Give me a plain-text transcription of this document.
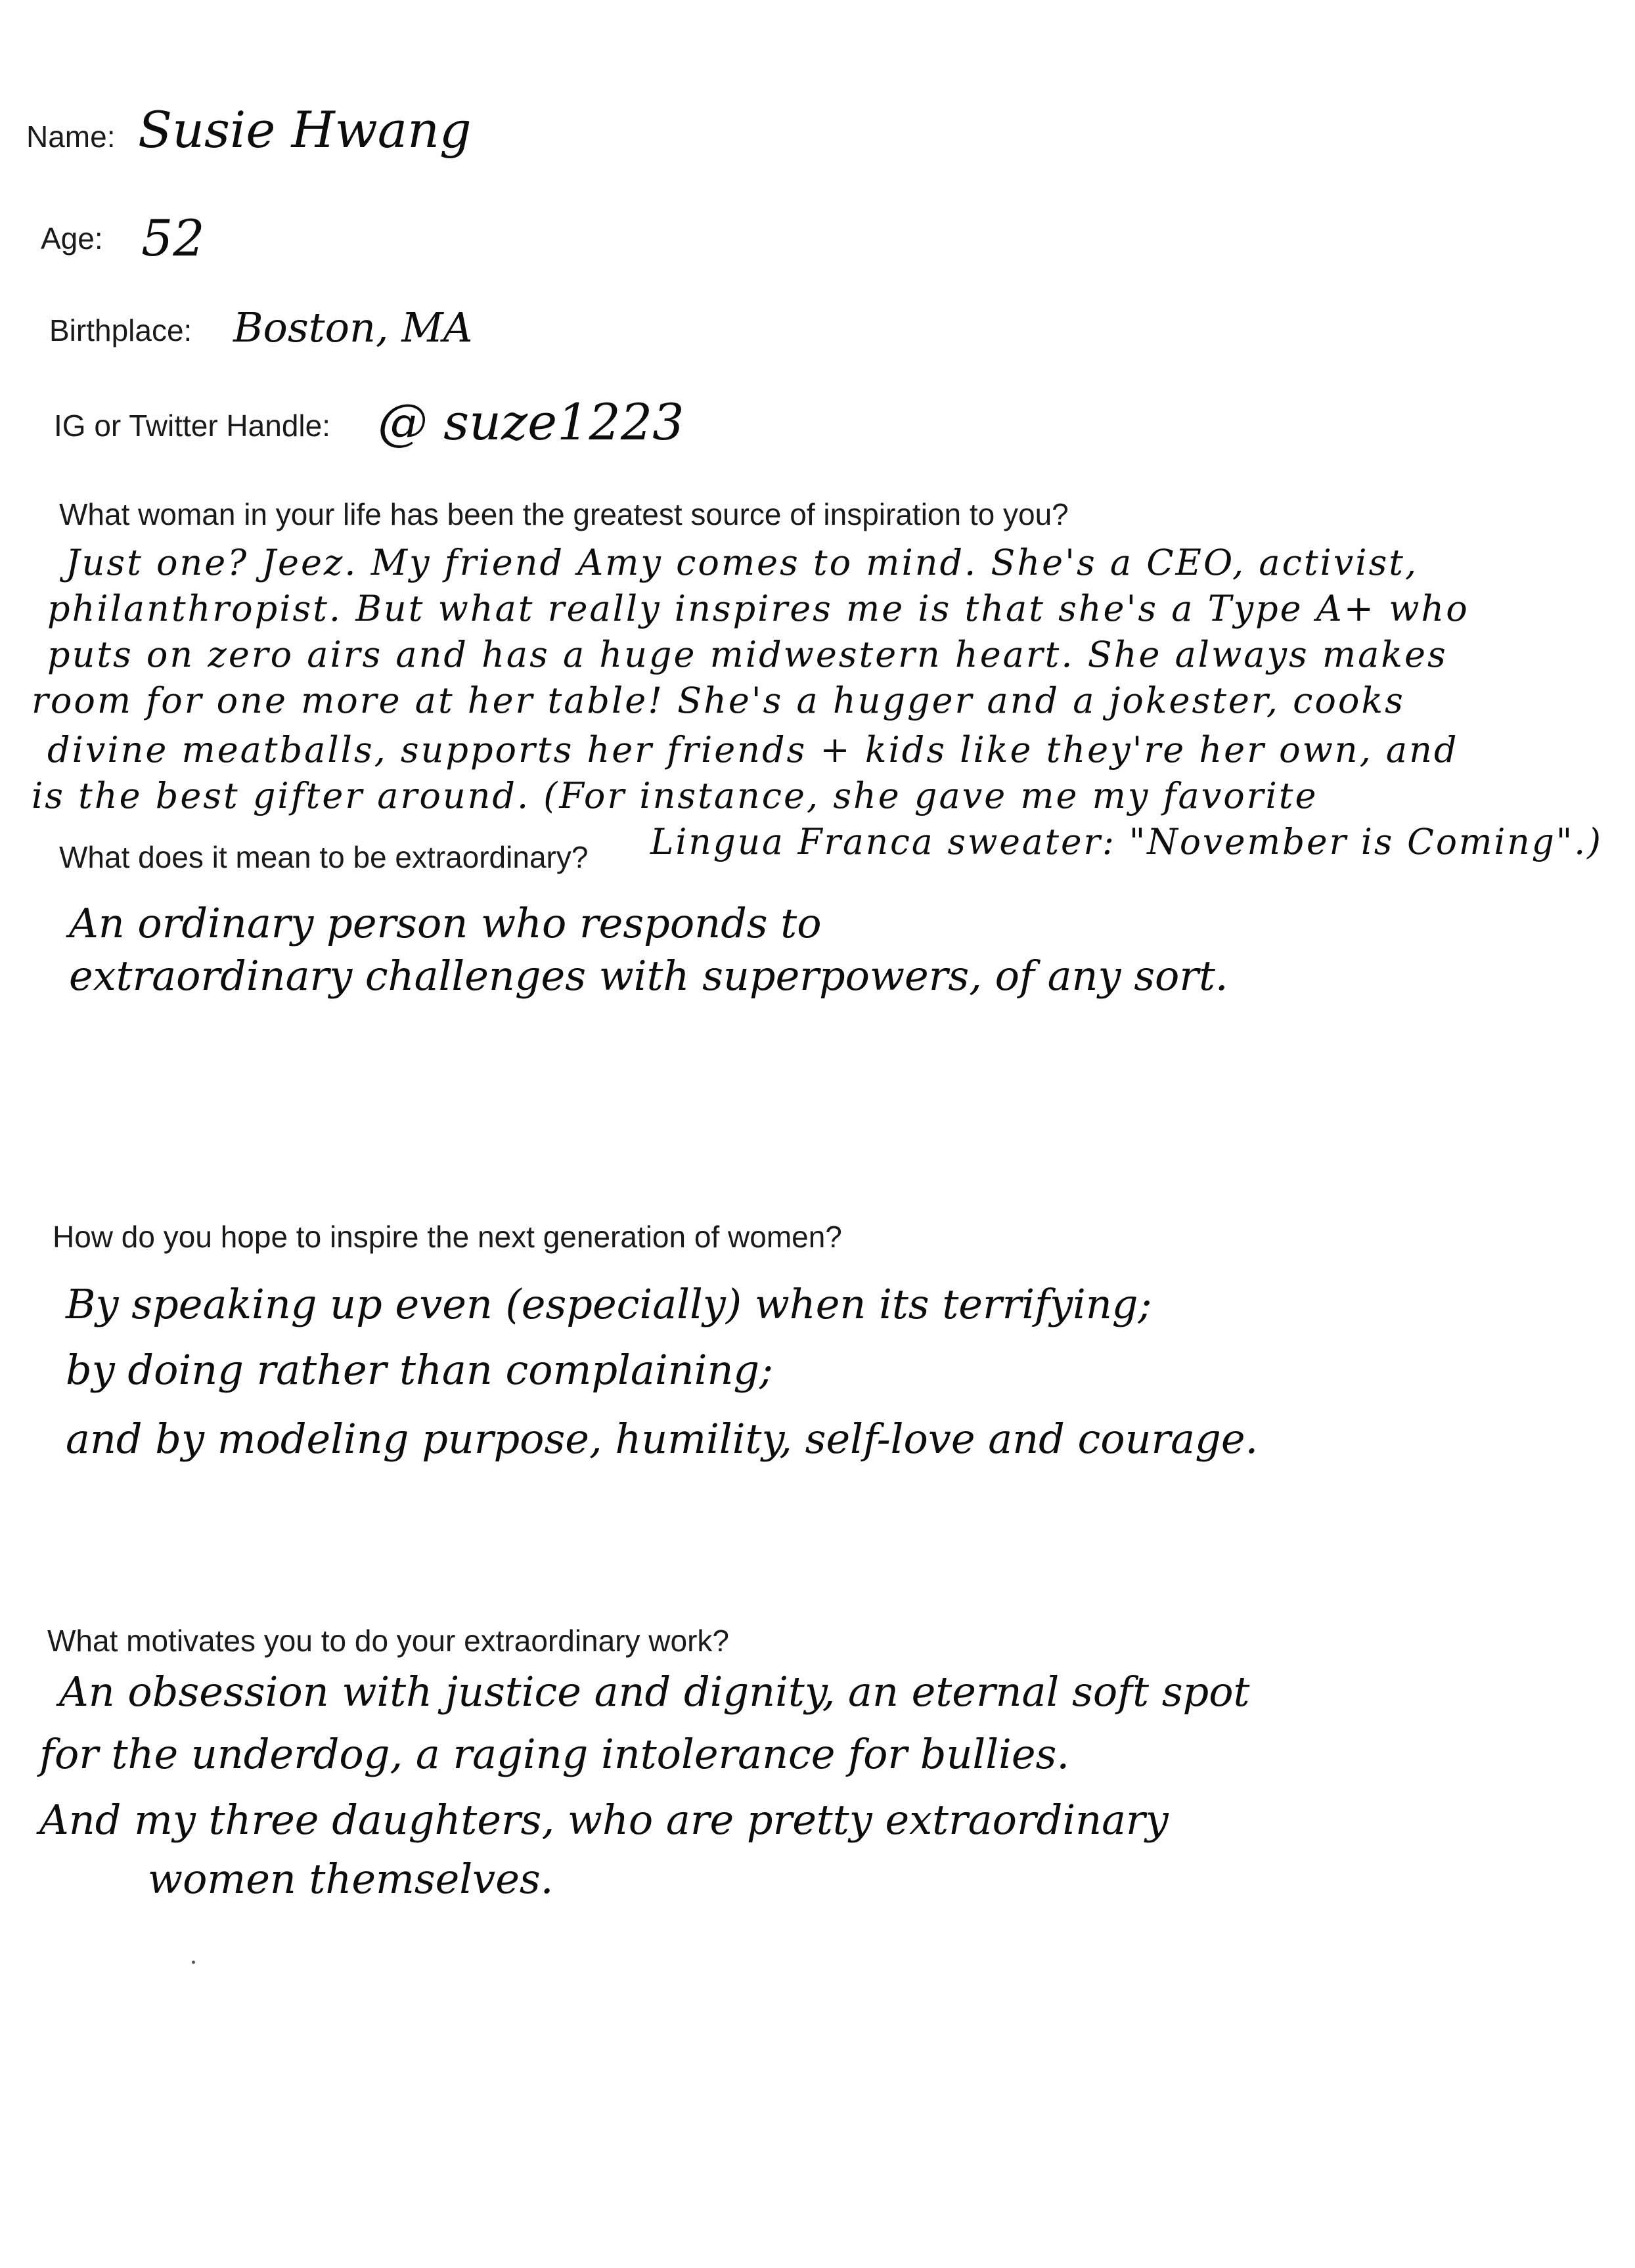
Name: Susie Hwang
Age: 52
Birthplace: Boston, MA
IG or Twitter Handle: @ suze1223
What woman in your life has been the greatest source of inspiration to you?
Just one? Jeez. My friend Amy comes to mind. She's a CEO, activist,
philanthropist. But what really inspires me is that she's a Type A+ who
puts on zero airs and has a huge midwestern heart. She always makes
room for one more at her table! She's a hugger and a jokester, cooks
divine meatballs, supports her friends + kids like they're her own, and
is the best gifter around. (For instance, she gave me my favorite
Lingua Franca sweater: "November is Coming".)
What does it mean to be extraordinary?
An ordinary person who responds to
extraordinary challenges with superpowers, of any sort.
How do you hope to inspire the next generation of women?
By speaking up even (especially) when its terrifying;
by doing rather than complaining;
and by modeling purpose, humility, self-love and courage.
What motivates you to do your extraordinary work?
An obsession with justice and dignity, an eternal soft spot
for the underdog, a raging intolerance for bullies.
And my three daughters, who are pretty extraordinary
women themselves.
